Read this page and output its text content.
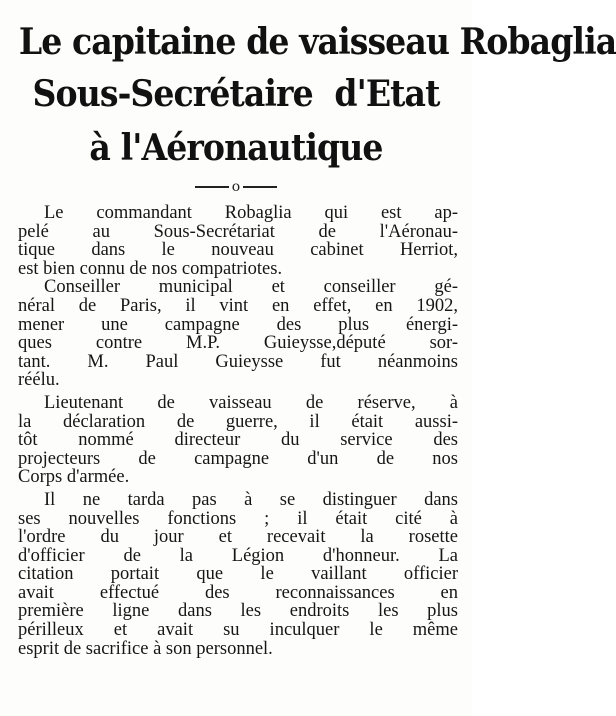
Le capitaine de vaisseau Robaglia
Sous-Secrétaire d'Etat
à l'Aéronautique
o
Le commandant Robaglia qui est ap-
pelé au Sous-Secrétariat de l'Aéronau-
tique dans le nouveau cabinet Herriot,
est bien connu de nos compatriotes.
Conseiller municipal et conseiller gé-
néral de Paris, il vint en effet, en 1902,
mener une campagne des plus énergi-
ques contre M.P. Guieysse,député sor-
tant. M. Paul Guieysse fut néanmoins
réélu.
Lieutenant de vaisseau de réserve, à
la déclaration de guerre, il était aussi-
tôt nommé directeur du service des
projecteurs de campagne d'un de nos
Corps d'armée.
Il ne tarda pas à se distinguer dans
ses nouvelles fonctions ; il était cité à
l'ordre du jour et recevait la rosette
d'officier de la Légion d'honneur. La
citation portait que le vaillant officier
avait effectué des reconnaissances en
première ligne dans les endroits les plus
périlleux et avait su inculquer le même
esprit de sacrifice à son personnel.
